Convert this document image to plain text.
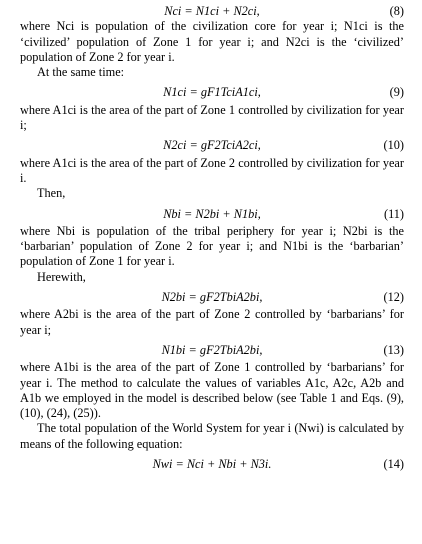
Nci = N1ci + N2ci,	(8)

where Nci is population of the civilization core for year i; N1ci is the ‘civilized’ population of Zone 1 for year i; and N2ci is the ‘civilized’ population of Zone 2 for year i.

At the same time:

N1ci = gF1TciA1ci,	(9)

where A1ci is the area of the part of Zone 1 controlled by civilization for year i;

N2ci = gF2TciA2ci,	(10)

where A1ci is the area of the part of Zone 2 controlled by civilization for year i.

Then,

Nbi = N2bi + N1bi,	(11)

where Nbi is population of the tribal periphery for year i; N2bi is the ‘barbarian’ population of Zone 2 for year i; and N1bi is the ‘barbarian’ population of Zone 1 for year i.

Herewith,

N2bi = gF2TbiA2bi,	(12)

where A2bi is the area of the part of Zone 2 controlled by ‘barbarians’ for year i;

N1bi = gF2TbiA2bi,	(13)

where A1bi is the area of the part of Zone 1 controlled by ‘barbarians’ for year i. The method to calculate the values of variables A1c, A2c, A2b and A1b we employed in the model is described below (see Table 1 and Eqs. (9), (10), (24), (25)).

The total population of the World System for year i (Nwi) is calculated by means of the following equation:

Nwi = Nci + Nbi + N3i.	(14)
